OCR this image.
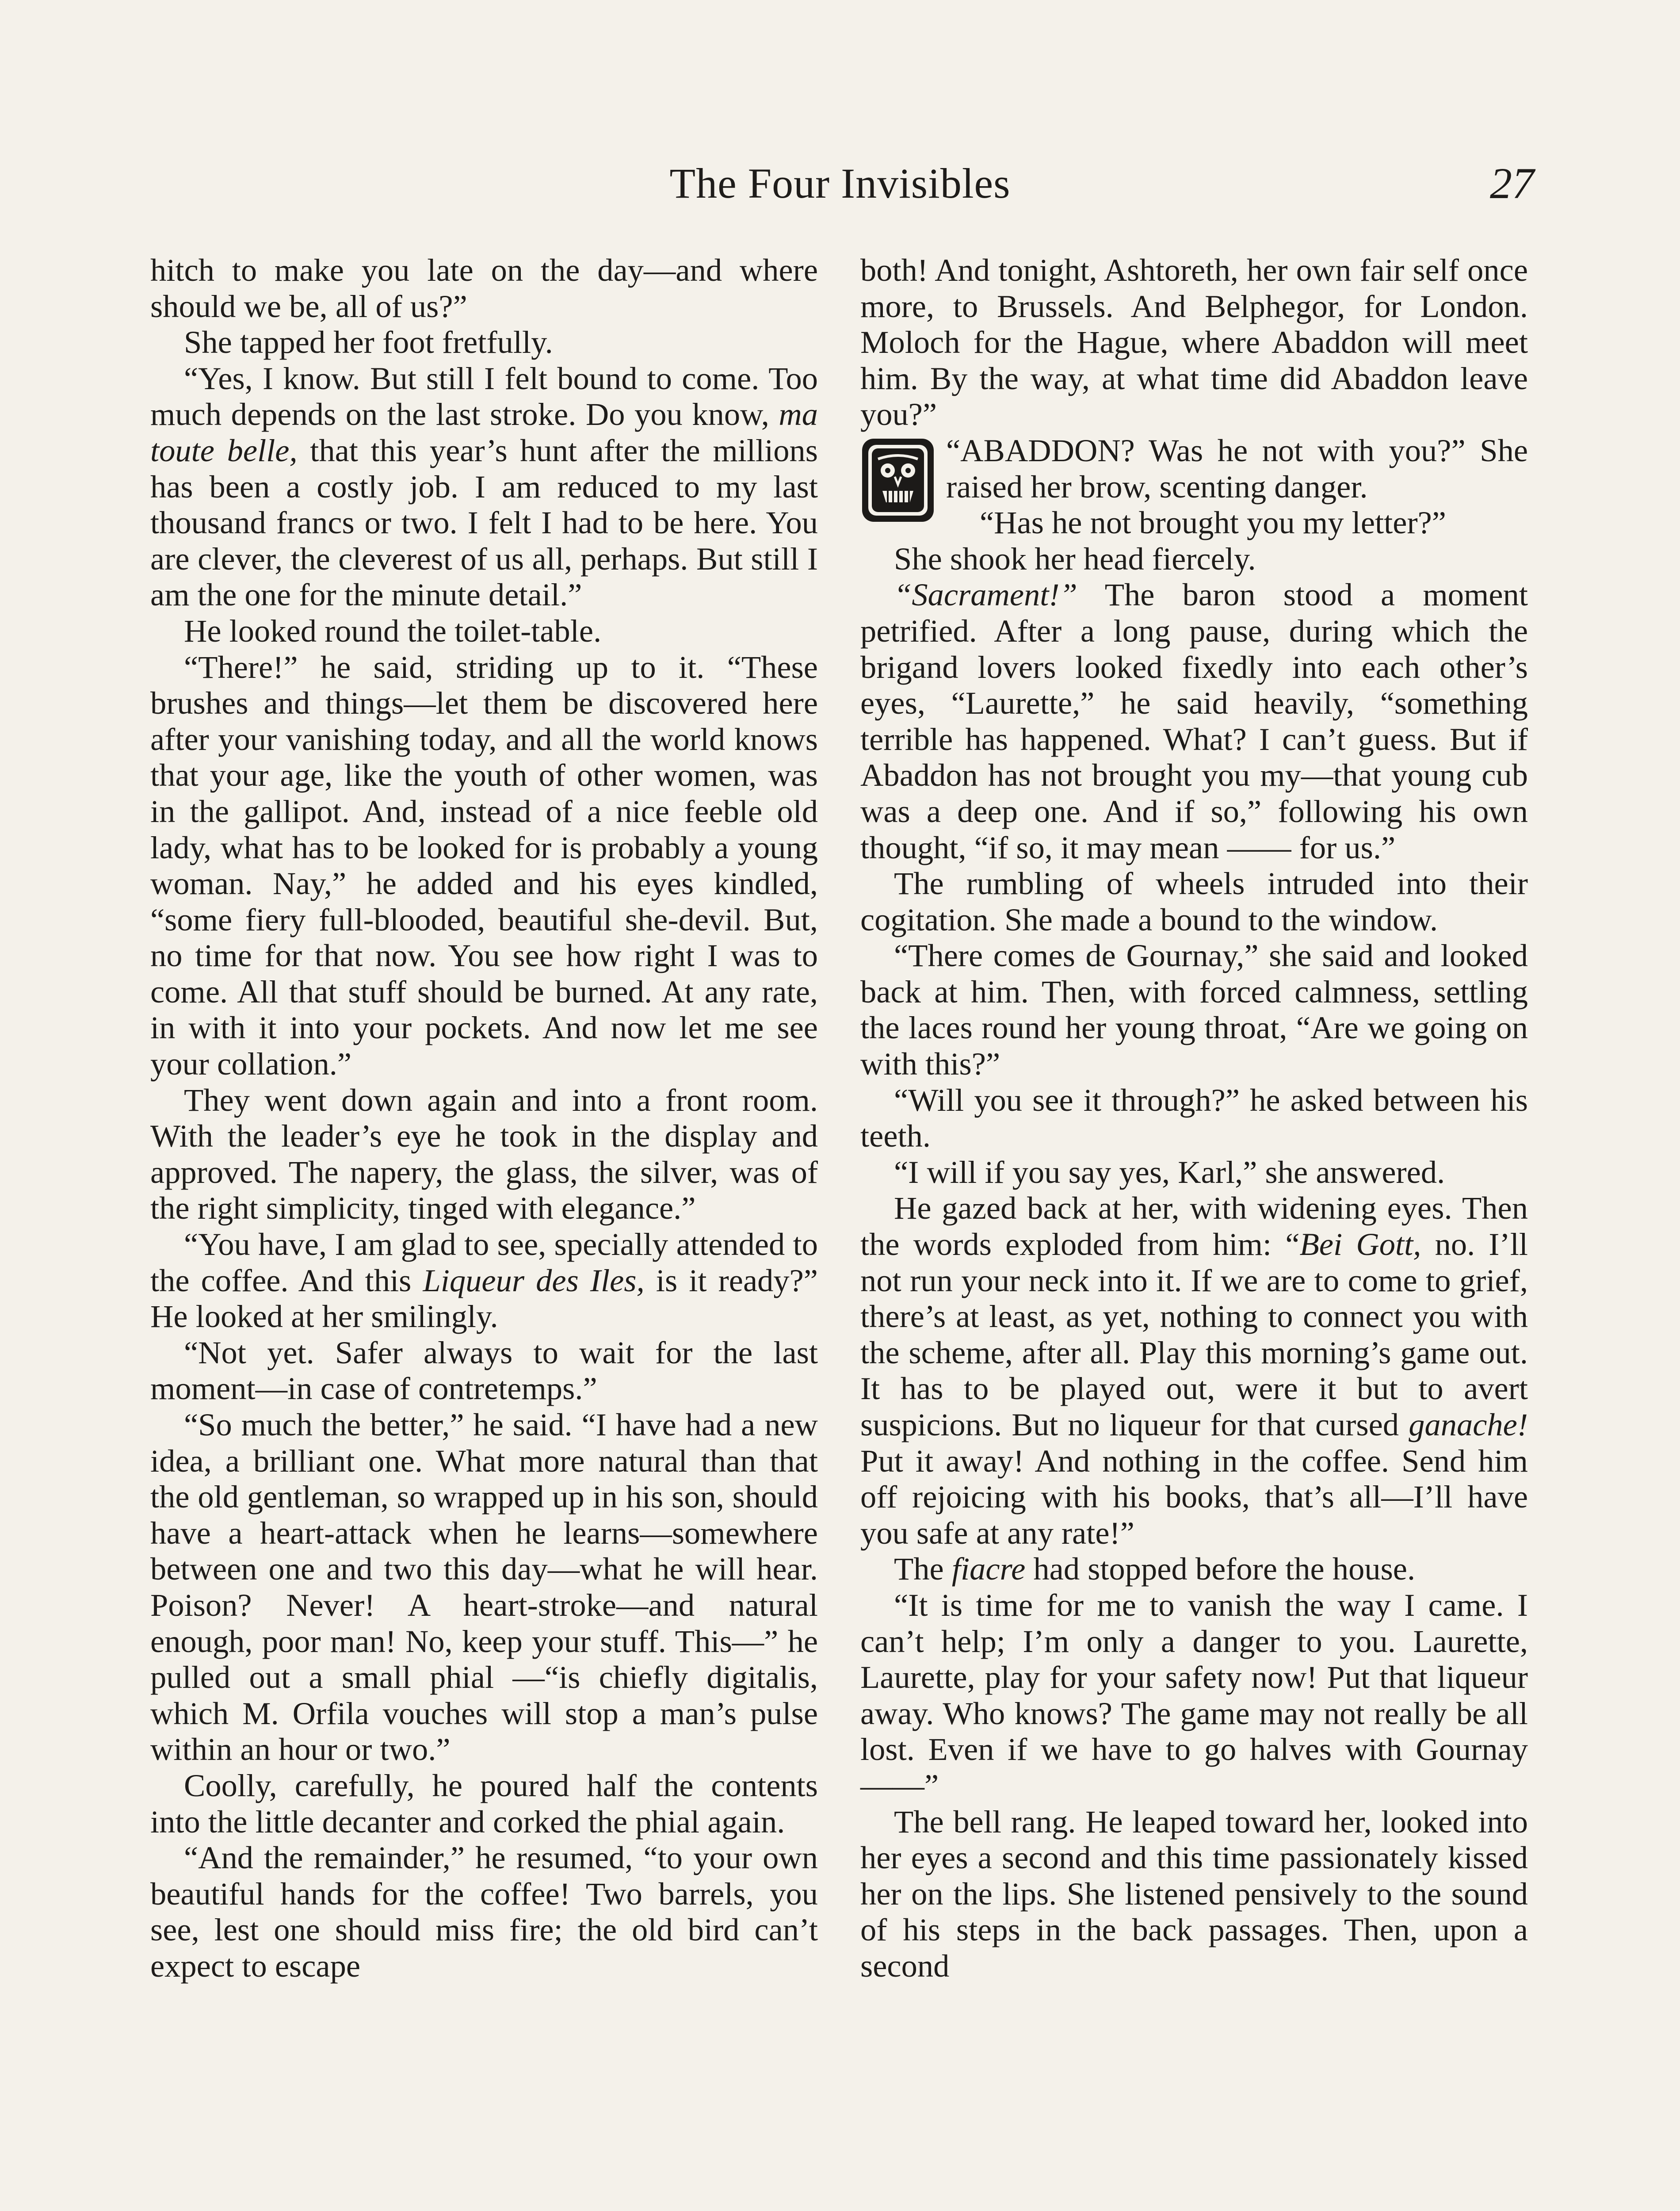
The Four Invisibles	27

hitch to make you late on the day—and where should we be, all of us?”

She tapped her foot fretfully.

“Yes, I know. But still I felt bound to come. Too much depends on the last stroke. Do you know, ma toute belle, that this year’s hunt after the millions has been a costly job. I am reduced to my last thousand francs or two. I felt I had to be here. You are clever, the cleverest of us all, perhaps. But still I am the one for the minute detail.”

He looked round the toilet-table.

“There!” he said, striding up to it. “These brushes and things—let them be discovered here after your vanishing today, and all the world knows that your age, like the youth of other women, was in the gallipot. And, instead of a nice feeble old lady, what has to be looked for is probably a young woman. Nay,” he added and his eyes kindled, “some fiery full-blooded, beautiful she-devil. But, no time for that now. You see how right I was to come. All that stuff should be burned. At any rate, in with it into your pockets. And now let me see your collation.”

They went down again and into a front room. With the leader’s eye he took in the display and approved. The napery, the glass, the silver, was of the right simplicity, tinged with elegance.”

“You have, I am glad to see, specially attended to the coffee. And this Liqueur des Iles, is it ready?” He looked at her smilingly.

“Not yet. Safer always to wait for the last moment—in case of contretemps.”

“So much the better,” he said. “I have had a new idea, a brilliant one. What more natural than that the old gentleman, so wrapped up in his son, should have a heart-attack when he learns—somewhere between one and two this day—what he will hear. Poison? Never! A heart-stroke—and natural enough, poor man! No, keep your stuff. This—” he pulled out a small phial —“is chiefly digitalis, which M. Orfila vouches will stop a man’s pulse within an hour or two.”

Coolly, carefully, he poured half the contents into the little decanter and corked the phial again.

“And the remainder,” he resumed, “to your own beautiful hands for the coffee! Two barrels, you see, lest one should miss fire; the old bird can’t expect to escape

both! And tonight, Ashtoreth, her own fair self once more, to Brussels. And Belphegor, for London. Moloch for the Hague, where Abaddon will meet him. By the way, at what time did Abaddon leave you?”

“ABADDON? Was he not with you?” She raised her brow, scenting danger.

“Has he not brought you my letter?”

She shook her head fiercely.

“Sacrament!” The baron stood a moment petrified. After a long pause, during which the brigand lovers looked fixedly into each other’s eyes, “Laurette,” he said heavily, “something terrible has happened. What? I can’t guess. But if Abaddon has not brought you my—that young cub was a deep one. And if so,” following his own thought, “if so, it may mean —— for us.”

The rumbling of wheels intruded into their cogitation. She made a bound to the window.

“There comes de Gournay,” she said and looked back at him. Then, with forced calmness, settling the laces round her young throat, “Are we going on with this?”

“Will you see it through?” he asked between his teeth.

“I will if you say yes, Karl,” she answered.

He gazed back at her, with widening eyes. Then the words exploded from him: “Bei Gott, no. I’ll not run your neck into it. If we are to come to grief, there’s at least, as yet, nothing to connect you with the scheme, after all. Play this morning’s game out. It has to be played out, were it but to avert suspicions. But no liqueur for that cursed ganache! Put it away! And nothing in the coffee. Send him off rejoicing with his books, that’s all—I’ll have you safe at any rate!”

The fiacre had stopped before the house.

“It is time for me to vanish the way I came. I can’t help; I’m only a danger to you. Laurette, Laurette, play for your safety now! Put that liqueur away. Who knows? The game may not really be all lost. Even if we have to go halves with Gournay——”

The bell rang. He leaped toward her, looked into her eyes a second and this time passionately kissed her on the lips. She listened pensively to the sound of his steps in the back passages. Then, upon a second
